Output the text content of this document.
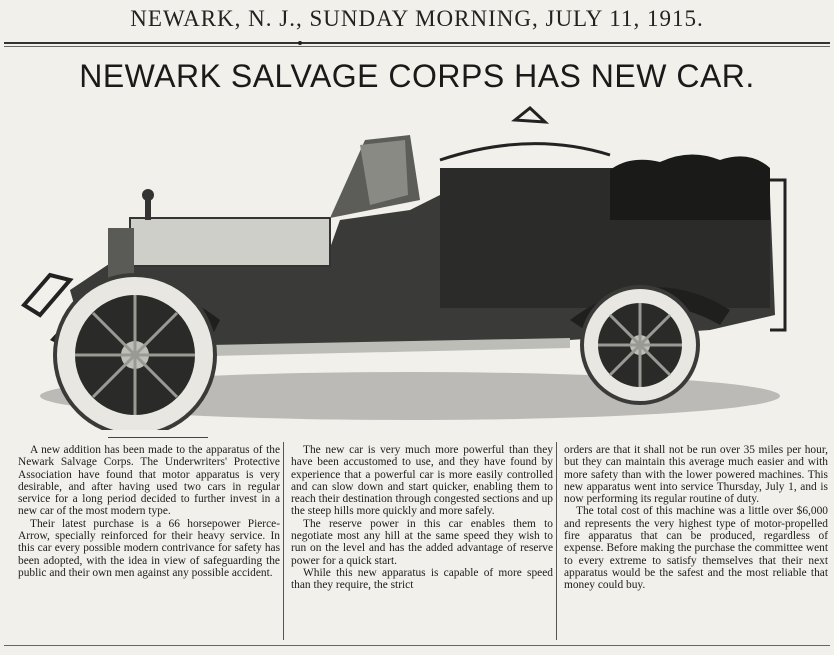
NEWARK, N. J., SUNDAY MORNING, JULY 11, 1915.
NEWARK SALVAGE CORPS HAS NEW CAR.

A new addition has been made to the apparatus of the Newark Salvage Corps. The Underwriters' Protective Association have found that motor apparatus is very desirable, and after having used two cars in regular service for a long period decided to further invest in a new car of the most modern type.

Their latest purchase is a 66 horsepower Pierce-Arrow, specially reinforced for their heavy service. In this car every possible modern contrivance for safety has been adopted, with the idea in view of safeguarding the public and their own men against any possible accident.

The new car is very much more powerful than they have been accustomed to use, and they have found by experience that a powerful car is more easily controlled and can slow down and start quicker, enabling them to reach their destination through congested sections and up the steep hills more quickly and more safely.

The reserve power in this car enables them to negotiate most any hill at the same speed they wish to run on the level and has the added advantage of reserve power for a quick start.

While this new apparatus is capable of more speed than they require, the strict

orders are that it shall not be run over 35 miles per hour, but they can maintain this average much easier and with more safety than with the lower powered machines. This new apparatus went into service Thursday, July 1, and is now performing its regular routine of duty.

The total cost of this machine was a little over $6,000 and represents the very highest type of motor-propelled fire apparatus that can be produced, regardless of expense. Before making the purchase the committee went to every extreme to satisfy themselves that their next apparatus would be the safest and the most reliable that money could buy.
